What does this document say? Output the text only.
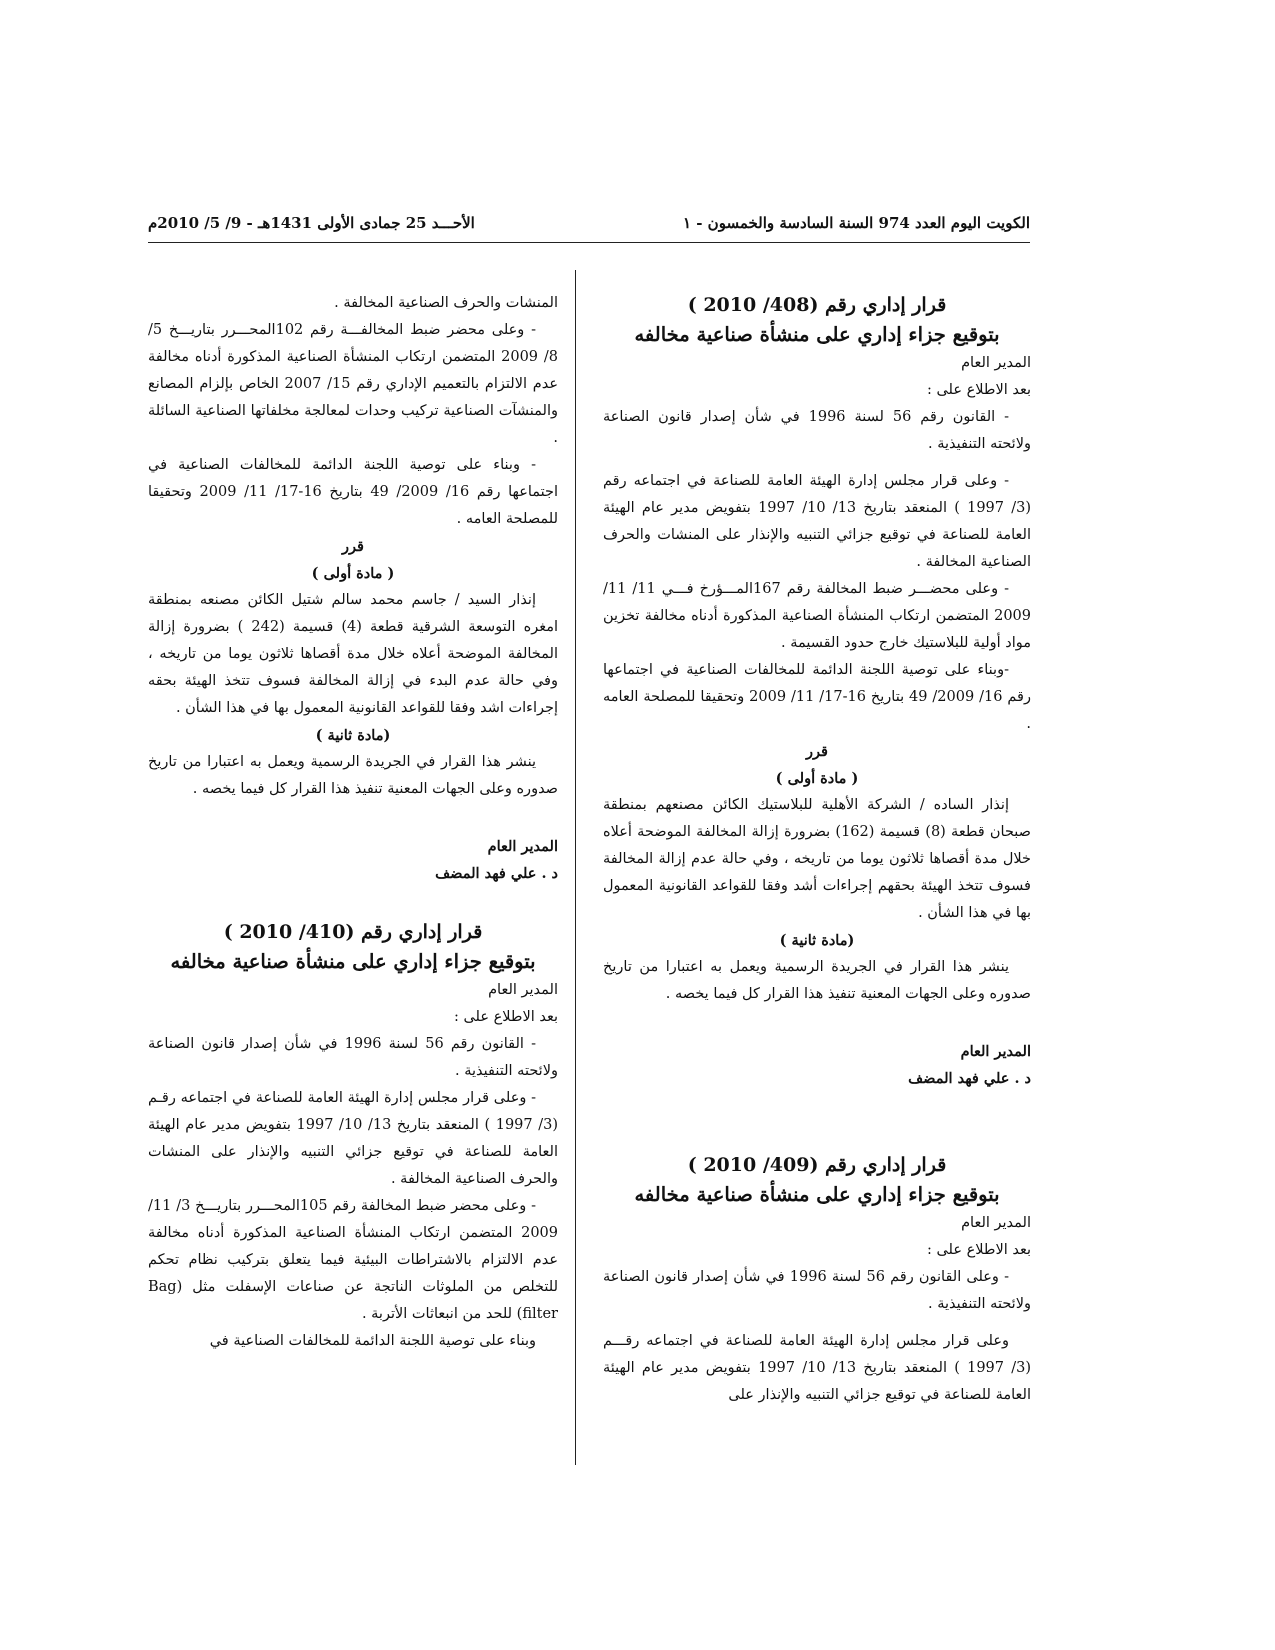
الكويت اليوم العدد 974 السنة السادسة والخمسون - ١
الأحـــد 25 جمادى الأولى 1431هـ - 9/ 5/ 2010م

قرار إداري رقم (408/ 2010 )

بتوقيع جزاء إداري على منشأة صناعية مخالفه

المدير العام

بعد الاطلاع على :

- القانون رقم 56 لسنة 1996 في شأن إصدار قانون الصناعة ولائحته التنفيذية .

- وعلى قرار مجلس إدارة الهيئة العامة للصناعة في اجتماعه رقم (3/ 1997 ) المنعقد بتاريخ 13/ 10/ 1997 بتفويض مدير عام الهيئة العامة للصناعة في توقيع جزائي التنبيه والإنذار على المنشات والحرف الصناعية المخالفة .

- وعلى محضـــر ضبط المخالفة رقم 167المـــؤرخ فـــي 11/ 11/ 2009 المتضمن ارتكاب المنشأة الصناعية المذكورة أدناه مخالفة تخزين مواد أولية للبلاستيك خارج حدود القسيمة .

-وبناء على توصية اللجنة الدائمة للمخالفات الصناعية في اجتماعها رقم 16/ 2009/ 49 بتاريخ 16-17/ 11/ 2009 وتحقيقا للمصلحة العامه .

قرر

( مادة أولى )

إنذار الساده / الشركة الأهلية للبلاستيك الكائن مصنعهم بمنطقة صبحان قطعة (8) قسيمة (162) بضرورة إزالة المخالفة الموضحة أعلاه خلال مدة أقصاها ثلاثون يوما من تاريخه ، وفي حالة عدم إزالة المخالفة فسوف تتخذ الهيئة بحقهم إجراءات أشد وفقا للقواعد القانونية المعمول بها في هذا الشأن .

(مادة ثانية )

ينشر هذا القرار في الجريدة الرسمية ويعمل به اعتبارا من تاريخ صدوره وعلى الجهات المعنية تنفيذ هذا القرار كل فيما يخصه .

المدير العام

د . علي فهد المضف

قرار إداري رقم (409/ 2010 )

بتوقيع جزاء إداري على منشأة صناعية مخالفه

المدير العام

بعد الاطلاع على :

- وعلى القانون رقم 56 لسنة 1996 في شأن إصدار قانون الصناعة ولائحته التنفيذية .

وعلى قرار مجلس إدارة الهيئة العامة للصناعة في اجتماعه رقـــم (3/ 1997 ) المنعقد بتاريخ 13/ 10/ 1997 بتفويض مدير عام الهيئة العامة للصناعة في توقيع جزائي التنبيه والإنذار على

المنشات والحرف الصناعية المخالفة .

- وعلى محضر ضبط المخالفـــة رقم 102المحـــرر بتاريـــخ 5/ 8/ 2009 المتضمن ارتكاب المنشأة الصناعية المذكورة أدناه مخالفة عدم الالتزام بالتعميم الإداري رقم 15/ 2007 الخاص بإلزام المصانع والمنشآت الصناعية تركيب وحدات لمعالجة مخلفاتها الصناعية السائلة .

- وبناء على توصية اللجنة الدائمة للمخالفات الصناعية في اجتماعها رقم 16/ 2009/ 49 بتاريخ 16-17/ 11/ 2009 وتحقيقا للمصلحة العامه .

قرر

( مادة أولى )

إنذار السيد / جاسم محمد سالم شتيل الكائن مصنعه بمنطقة امغره التوسعة الشرقية قطعة (4) قسيمة (242 ) بضرورة إزالة المخالفة الموضحة أعلاه خلال مدة أقصاها ثلاثون يوما من تاريخه ، وفي حالة عدم البدء في إزالة المخالفة فسوف تتخذ الهيئة بحقه إجراءات اشد وفقا للقواعد القانونية المعمول بها في هذا الشأن .

(مادة ثانية )

ينشر هذا القرار في الجريدة الرسمية ويعمل به اعتبارا من تاريخ صدوره وعلى الجهات المعنية تنفيذ هذا القرار كل فيما يخصه .

المدير العام

د . علي فهد المضف

قرار إداري رقم (410/ 2010 )

بتوقيع جزاء إداري على منشأة صناعية مخالفه

المدير العام

بعد الاطلاع على :

- القانون رقم 56 لسنة 1996 في شأن إصدار قانون الصناعة ولائحته التنفيذية .

- وعلى قرار مجلس إدارة الهيئة العامة للصناعة في اجتماعه رقـم (3/ 1997 ) المنعقد بتاريخ 13/ 10/ 1997 بتفويض مدير عام الهيئة العامة للصناعة في توقيع جزائي التنبيه والإنذار على المنشات والحرف الصناعية المخالفة .

- وعلى محضر ضبط المخالفة رقم 105المحـــرر بتاريـــخ 3/ 11/ 2009 المتضمن ارتكاب المنشأة الصناعية المذكورة أدناه مخالفة عدم الالتزام بالاشتراطات البيئية فيما يتعلق بتركيب نظام تحكم للتخلص من الملوثات الناتجة عن صناعات الإسفلت مثل (Bag filter) للحد من انبعاثات الأتربة .

وبناء على توصية اللجنة الدائمة للمخالفات الصناعية في
